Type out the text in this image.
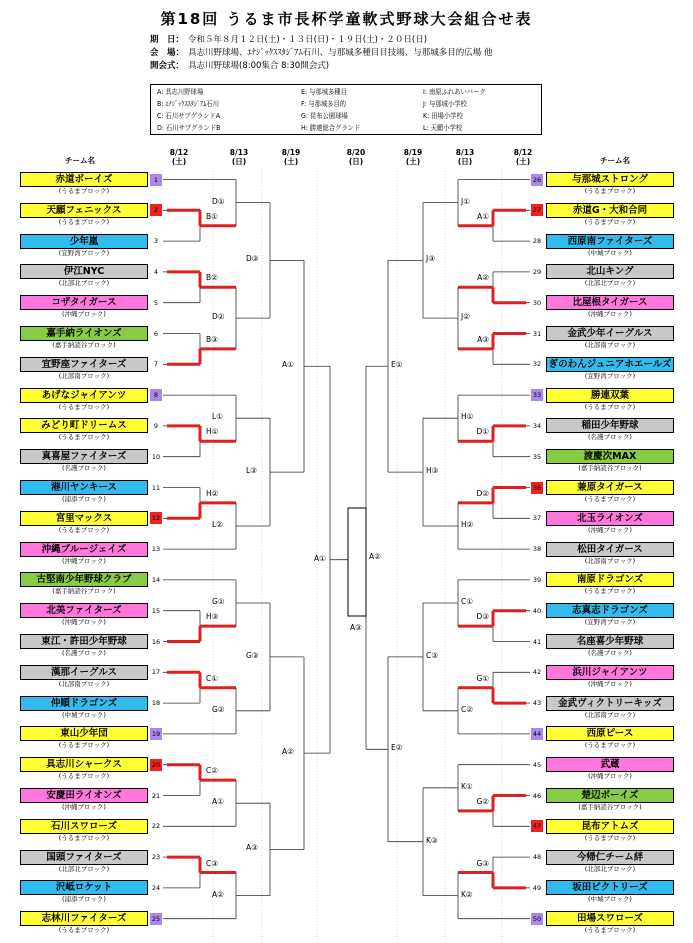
第18回 うるま市長杯学童軟式野球大会組合せ表
期　日： 令和５年８月１２日(土)・１３日(日)・１９日(土)・２０日(日)
会　場： 具志川野球場、ｴﾅｼﾞｯｸｽｽﾀｼﾞｱﾑ石川、与那城多種目目技場、与那城多目的広場 他
開会式： 具志川野球場(8:00集合 8:30開会式)
A: 具志川野球場
B: ｴﾅｼﾞｯｸｽｽﾀｼﾞｱﾑ石川
C: 石川サブグランドA
D: 石川サブグランドB
E: 与那城多種目
F: 与那城多目的
G: 昆布公園球場
H: 勝連総合グランド
I: 南原ふれあいパーク
J: 与那城小学校
K: 田場小学校
L: 天願小学校
チーム名	チーム名
8/12
(土)
8/13
(日)
8/19
(土)
8/20
(日)
8/19
(土)
8/13
(日)
8/12
(土)
赤道ボーイズ
(うるまブロック)
1
天願フェニックス
(うるまブロック)
2
少年嵐
(宜野湾ブロック)
3
伊江NYC
(北部北ブロック)
4
コザタイガース
(沖縄ブロック)
5
嘉手納ライオンズ
(嘉手納読谷ブロック)
6
宜野座ファイターズ
(北部南ブロック)
7
あげなジャイアンツ
(うるまブロック)
8
みどり町ドリームス
(うるまブロック)
9
真喜屋ファイターズ
(名護ブロック)
10
港川ヤンキース
(浦添ブロック)
11
宮里マックス
(うるまブロック)
12
沖縄ブルージェイズ
(沖縄ブロック)
13
古堅南少年野球クラブ
(嘉手納読谷ブロック)
14
北美ファイターズ
(沖縄ブロック)
15
東江・許田少年野球
(名護ブロック)
16
漢那イーグルス
(北部南ブロック)
17
仲順ドラゴンズ
(中城ブロック)
18
東山少年団
(うるまブロック)
19
具志川シャークス
(うるまブロック)
20
安慶田ライオンズ
(沖縄ブロック)
21
石川スワローズ
(うるまブロック)
22
国頭ファイターズ
(北部北ブロック)
23
沢岻ロケット
(浦添ブロック)
24
志林川ファイターズ
(うるまブロック)
25
与那城ストロング
(うるまブロック)
26
赤道G・大和合同
(うるまブロック)
27
西原南ファイターズ
(中城ブロック)
28
北山キング
(北部北ブロック)
29
比屋根タイガース
(沖縄ブロック)
30
金武少年イーグルス
(北部南ブロック)
31
ぎのわんジュニアホエールズ
(宜野湾ブロック)
32
勝連双葉
(うるまブロック)
33
稲田少年野球
(名護ブロック)
34
渡慶次MAX
(嘉手納読谷ブロック)
35
兼原タイガース
(うるまブロック)
36
北玉ライオンズ
(沖縄ブロック)
37
松田タイガース
(北部南ブロック)
38
南原ドラゴンズ
(うるまブロック)
39
志真志ドラゴンズ
(宜野湾ブロック)
40
名座喜少年野球
(名護ブロック)
41
浜川ジャイアンツ
(沖縄ブロック)
42
金武ヴィクトリーキッズ
(北部南ブロック)
43
西原ピース
(うるまブロック)
44
武蔵
(沖縄ブロック)
45
楚辺ボーイズ
(嘉手納読谷ブロック)
46
昆布アトムズ
(うるまブロック)
47
今帰仁チーム絆
(北部北ブロック)
48
坂田ビクトリーズ
(中城ブロック)
49
田場スワローズ
(うるまブロック)
50
B①
B②
B③
H①
H②
H③
C①
C②
C③
D①
D②
L①
L②
G①
G②
A①
A②
D③
L③
G③
A③
A①
A②
A①
A①
A②
A③
D①
D②
D③
G①
G②
G③
J①
J②
H①
H②
C①
C②
K①
K②
J③
H③
C③
K③
E①
E②
A②
A③
